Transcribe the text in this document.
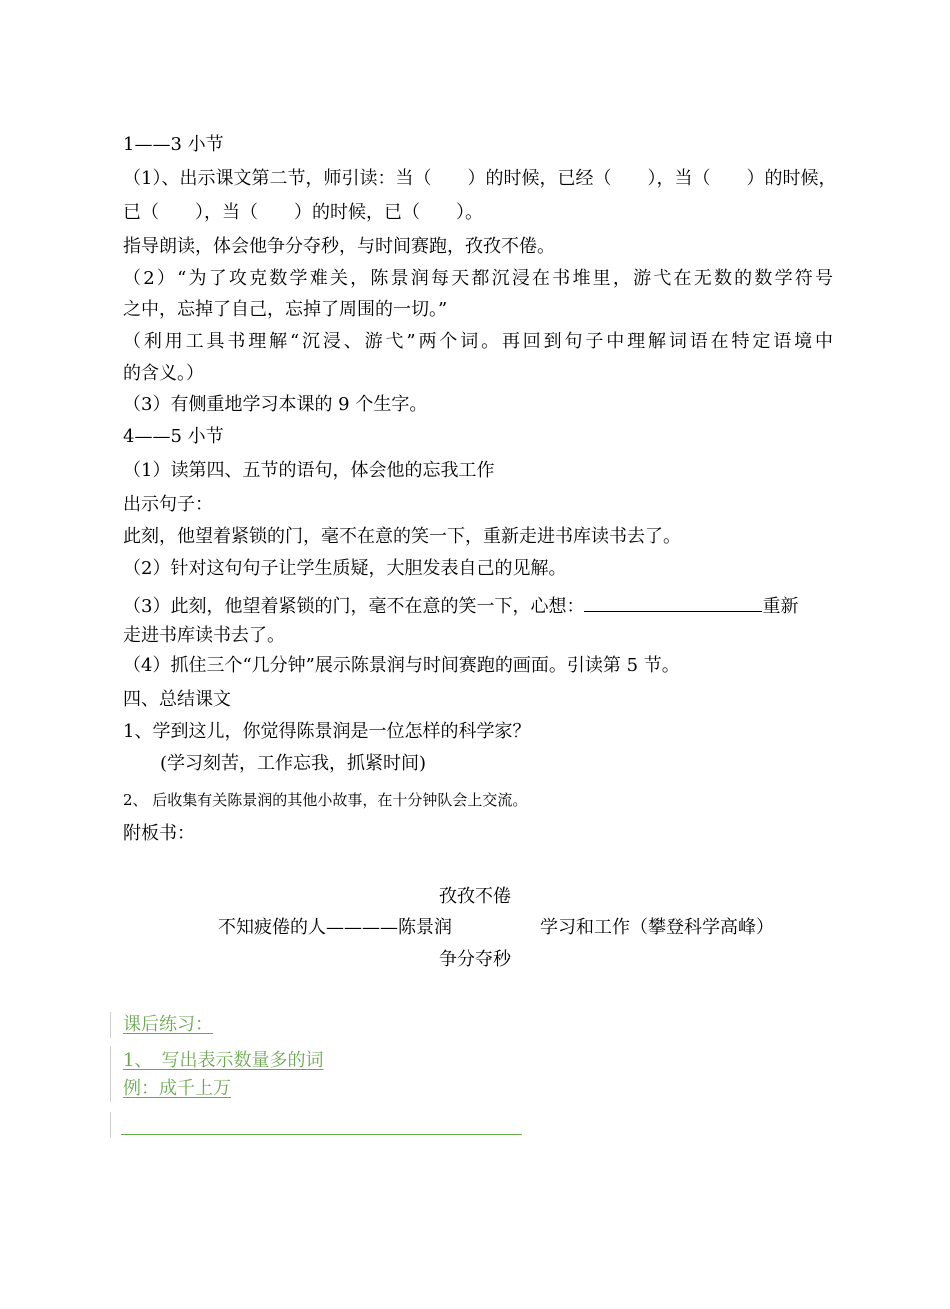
1——3 小节
（1）、出示课文第二节，师引读：当（　　）的时候，已经（　　），当（　　）的时候，
已（　　），当（　　）的时候，已（　　）。
指导朗读，体会他争分夺秒，与时间赛跑，孜孜不倦。
（2）“为了攻克数学难关，陈景润每天都沉浸在书堆里，游弋在无数的数学符号
之中，忘掉了自己，忘掉了周围的一切。”
（利用工具书理解“沉浸、游弋”两个词。再回到句子中理解词语在特定语境中
的含义。）
（3）有侧重地学习本课的 9 个生字。
4——5 小节
（1）读第四、五节的语句，体会他的忘我工作
出示句子：
此刻，他望着紧锁的门，毫不在意的笑一下，重新走进书库读书去了。
（2）针对这句句子让学生质疑，大胆发表自己的见解。
（3）此刻，他望着紧锁的门，毫不在意的笑一下，心想：	重新
走进书库读书去了。
（4）抓住三个“几分钟”展示陈景润与时间赛跑的画面。引读第 5 节。
四、总结课文
1、学到这儿，你觉得陈景润是一位怎样的科学家？
(学习刻苦，工作忘我，抓紧时间)
2、 后收集有关陈景润的其他小故事，在十分钟队会上交流。
附板书：
孜孜不倦
不知疲倦的人————陈景润	学习和工作（攀登科学高峰）
争分夺秒
课后练习：
1、　写出表示数量多的词
例：成千上万
